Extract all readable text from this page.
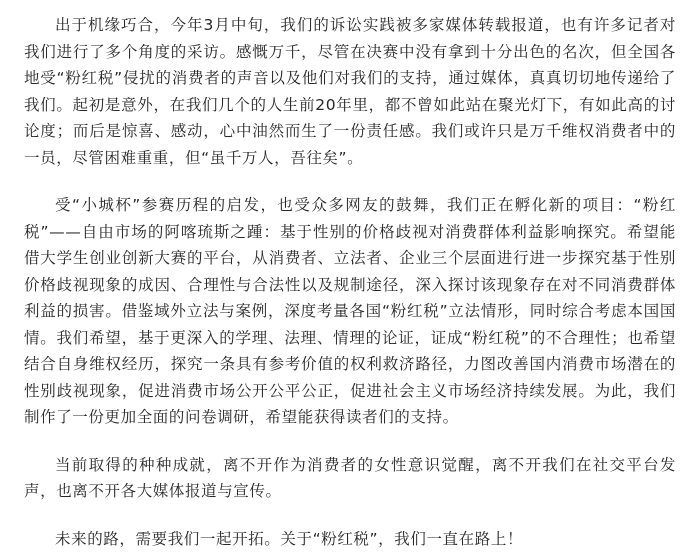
出于机缘巧合，今年3月中旬，我们的诉讼实践被多家媒体转载报道，也有许多记者对我们进行了多个角度的采访。感慨万千，尽管在决赛中没有拿到十分出色的名次，但全国各地受“粉红税”侵扰的消费者的声音以及他们对我们的支持，通过媒体，真真切切地传递给了我们。起初是意外，在我们几个的人生前20年里，都不曾如此站在聚光灯下，有如此高的讨论度；而后是惊喜、感动，心中油然而生了一份责任感。我们或许只是万千维权消费者中的一员，尽管困难重重，但“虽千万人，吾往矣”。

受“小城杯”参赛历程的启发，也受众多网友的鼓舞，我们正在孵化新的项目：“粉红税”——自由市场的阿喀琉斯之踵：基于性别的价格歧视对消费群体利益影响探究。希望能借大学生创业创新大赛的平台，从消费者、立法者、企业三个层面进行进一步探究基于性别价格歧视现象的成因、合理性与合法性以及规制途径，深入探讨该现象存在对不同消费群体利益的损害。借鉴域外立法与案例，深度考量各国“粉红税”立法情形，同时综合考虑本国国情。我们希望，基于更深入的学理、法理、情理的论证，证成“粉红税”的不合理性；也希望结合自身维权经历，探究一条具有参考价值的权利救济路径，力图改善国内消费市场潜在的性别歧视现象，促进消费市场公开公平公正，促进社会主义市场经济持续发展。为此，我们制作了一份更加全面的问卷调研，希望能获得读者们的支持。

当前取得的种种成就，离不开作为消费者的女性意识觉醒，离不开我们在社交平台发声，也离不开各大媒体报道与宣传。

未来的路，需要我们一起开拓。关于“粉红税”，我们一直在路上！
